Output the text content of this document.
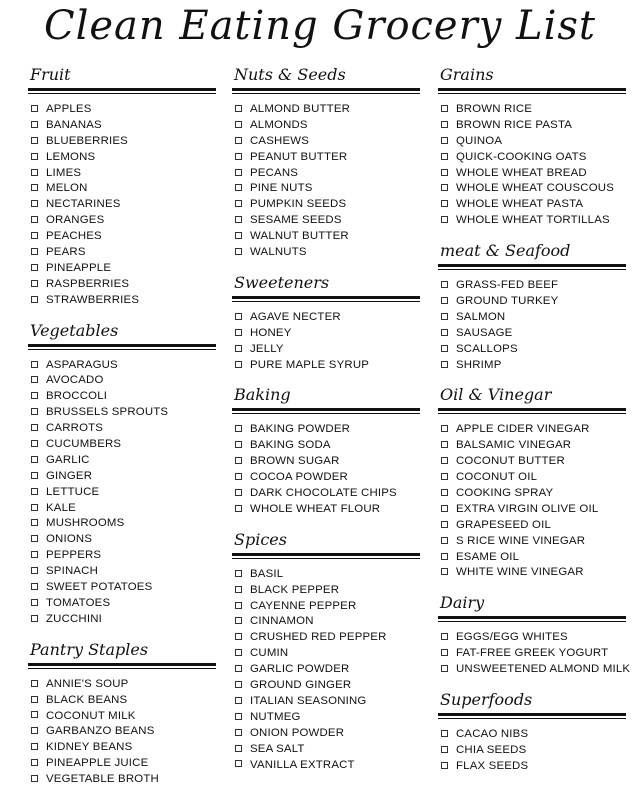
Clean Eating Grocery List
Fruit
APPLES
BANANAS
BLUEBERRIES
LEMONS
LIMES
MELON
NECTARINES
ORANGES
PEACHES
PEARS
PINEAPPLE
RASPBERRIES
STRAWBERRIES
Vegetables
ASPARAGUS
AVOCADO
BROCCOLI
BRUSSELS SPROUTS
CARROTS
CUCUMBERS
GARLIC
GINGER
LETTUCE
KALE
MUSHROOMS
ONIONS
PEPPERS
SPINACH
SWEET POTATOES
TOMATOES
ZUCCHINI
Pantry Staples
ANNIE'S SOUP
BLACK BEANS
COCONUT MILK
GARBANZO BEANS
KIDNEY BEANS
PINEAPPLE JUICE
VEGETABLE BROTH
Nuts & Seeds
ALMOND BUTTER
ALMONDS
CASHEWS
PEANUT BUTTER
PECANS
PINE NUTS
PUMPKIN SEEDS
SESAME SEEDS
WALNUT BUTTER
WALNUTS
Sweeteners
AGAVE NECTER
HONEY
JELLY
PURE MAPLE SYRUP
Baking
BAKING POWDER
BAKING SODA
BROWN SUGAR
COCOA POWDER
DARK CHOCOLATE CHIPS
WHOLE WHEAT FLOUR
Spices
BASIL
BLACK PEPPER
CAYENNE PEPPER
CINNAMON
CRUSHED RED PEPPER
CUMIN
GARLIC POWDER
GROUND GINGER
ITALIAN SEASONING
NUTMEG
ONION POWDER
SEA SALT
VANILLA EXTRACT
Grains
BROWN RICE
BROWN RICE PASTA
QUINOA
QUICK-COOKING OATS
WHOLE WHEAT BREAD
WHOLE WHEAT COUSCOUS
WHOLE WHEAT PASTA
WHOLE WHEAT TORTILLAS
meat & Seafood
GRASS-FED BEEF
GROUND TURKEY
SALMON
SAUSAGE
SCALLOPS
SHRIMP
Oil & Vinegar
APPLE CIDER VINEGAR
BALSAMIC VINEGAR
COCONUT BUTTER
COCONUT OIL
COOKING SPRAY
EXTRA VIRGIN OLIVE OIL
GRAPESEED OIL
S RICE WINE VINEGAR
ESAME OIL
WHITE WINE VINEGAR
Dairy
EGGS/EGG WHITES
FAT-FREE GREEK YOGURT
UNSWEETENED ALMOND MILK
Superfoods
CACAO NIBS
CHIA SEEDS
FLAX SEEDS
